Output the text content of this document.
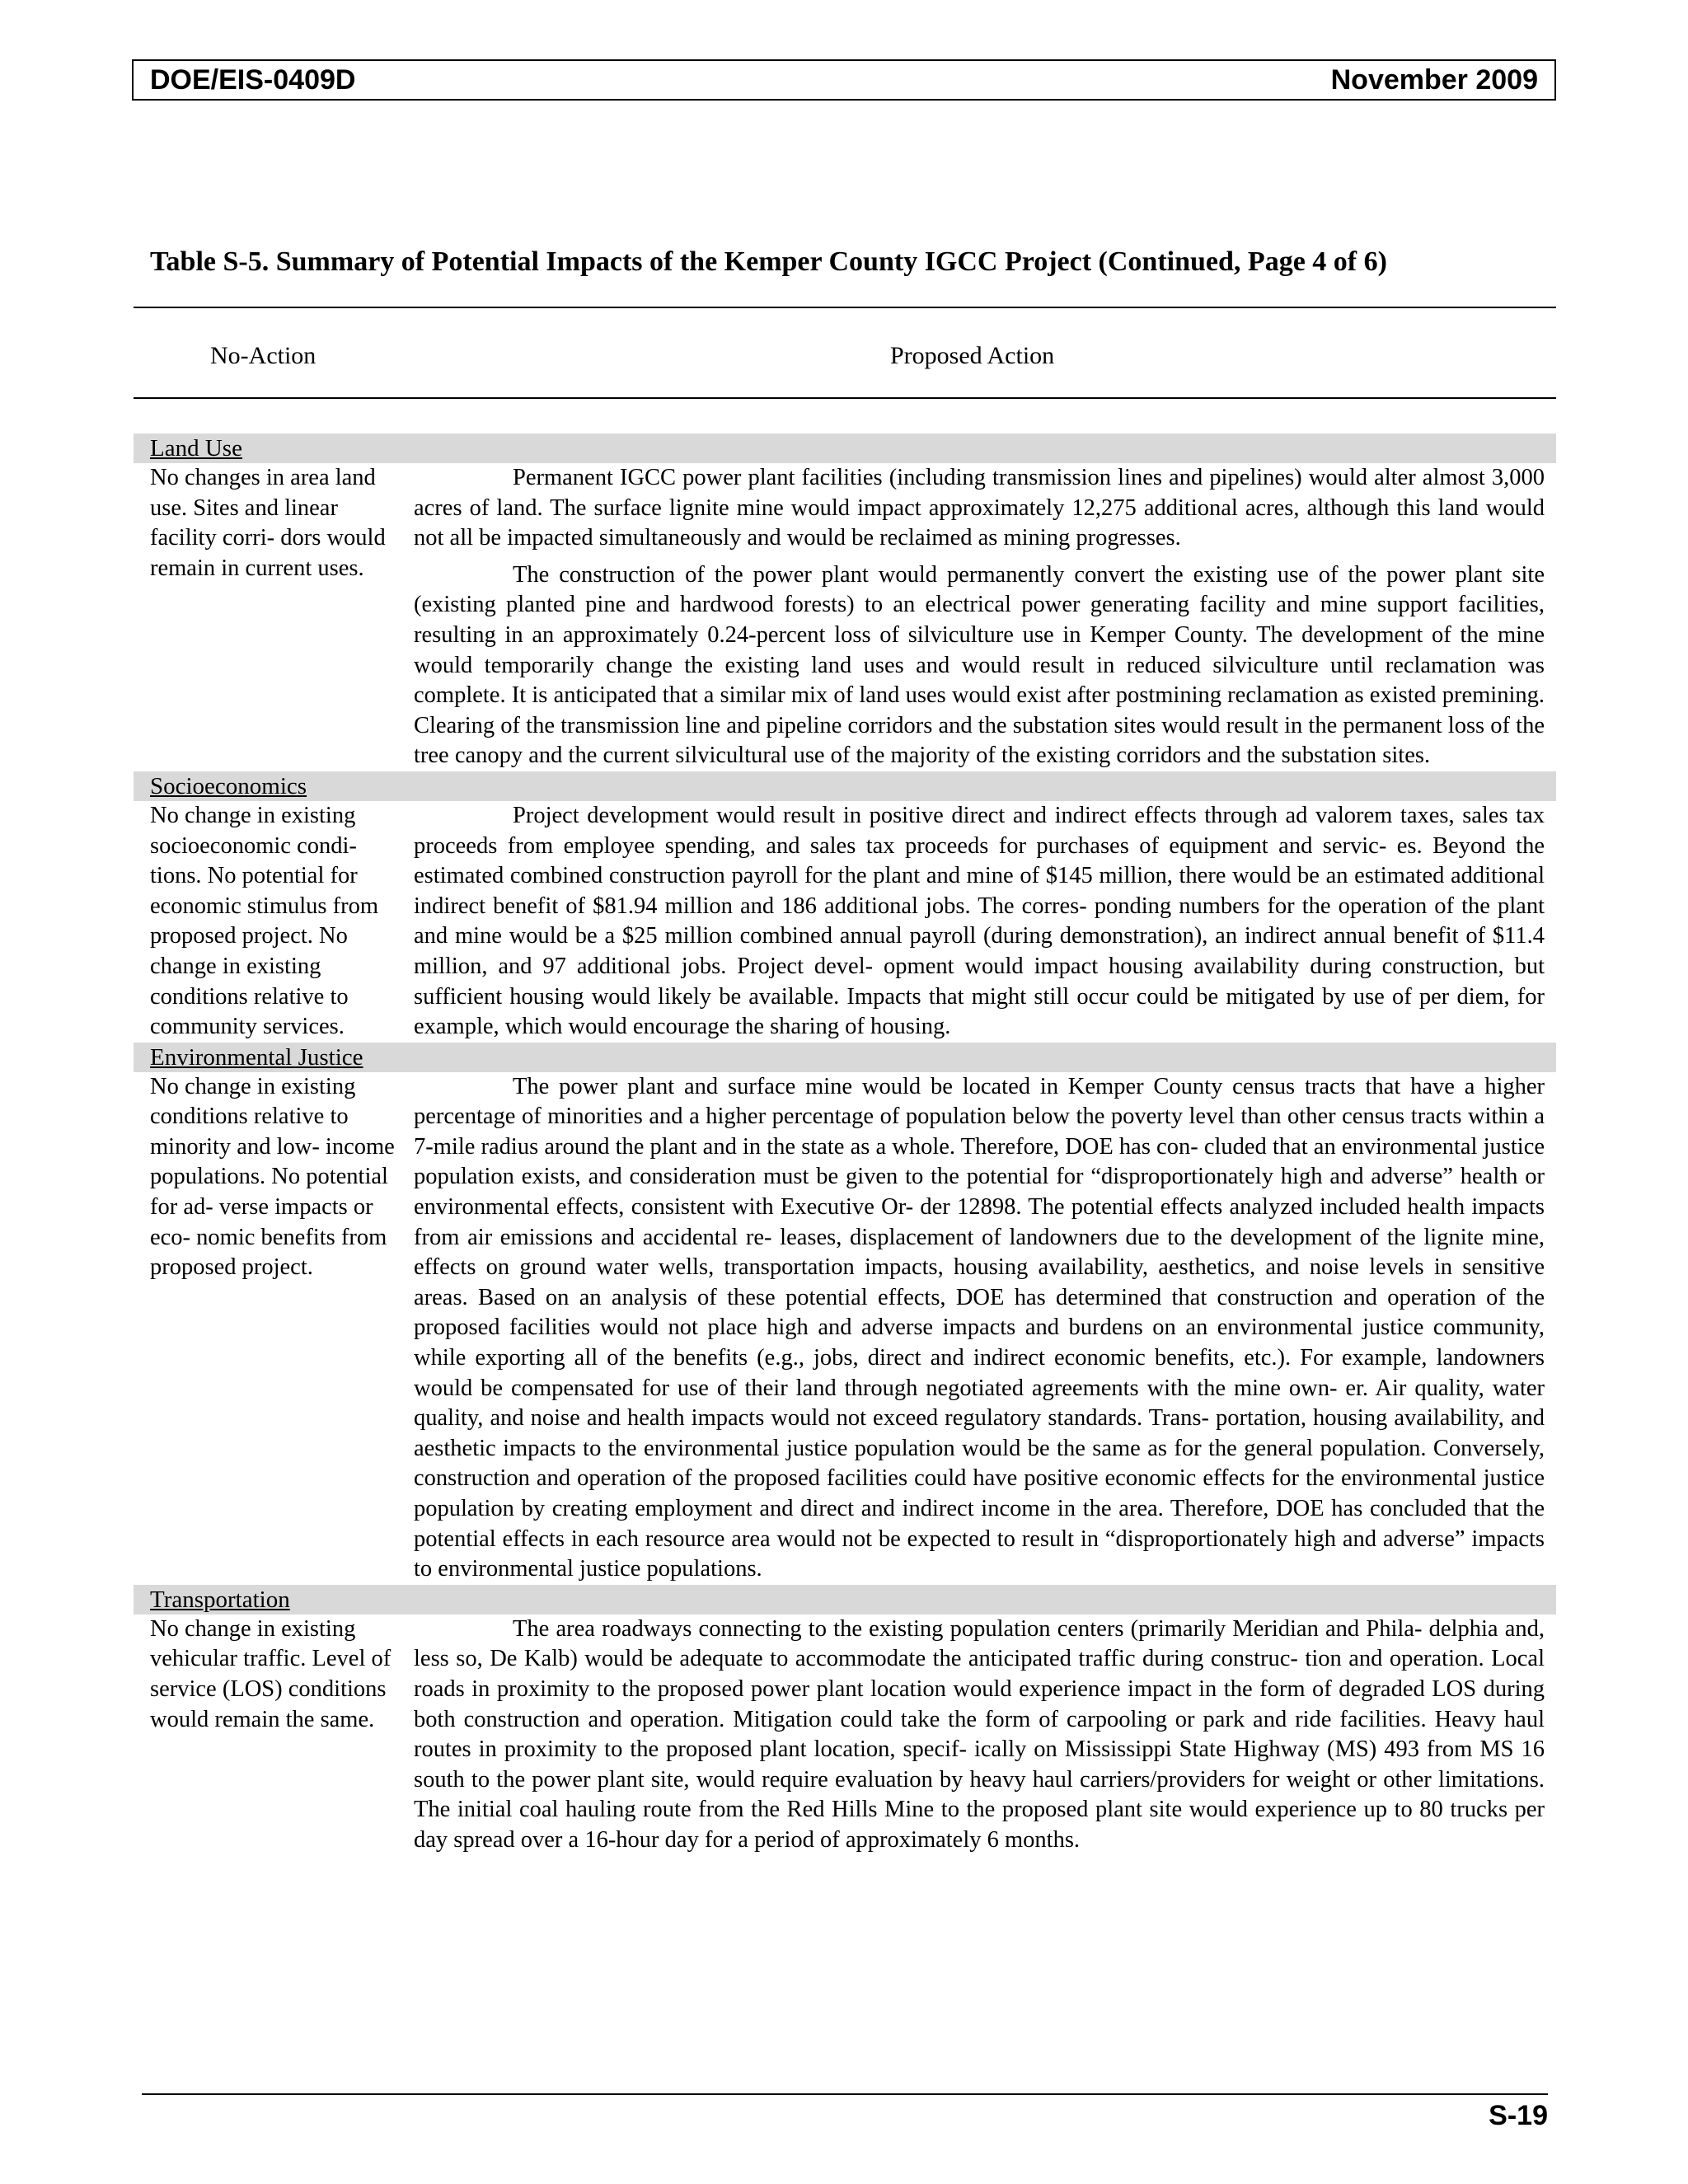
DOE/EIS-0409D	November 2009
Table S-5. Summary of Potential Impacts of the Kemper County IGCC Project (Continued, Page 4 of 6)
No-Action	Proposed Action
Land Use
No changes in area land use. Sites and linear facility corri- dors would remain in current uses.

Permanent IGCC power plant facilities (including transmission lines and pipelines) would alter almost 3,000 acres of land. The surface lignite mine would impact approximately 12,275 additional acres, although this land would not all be impacted simultaneously and would be reclaimed as mining progresses.

The construction of the power plant would permanently convert the existing use of the power plant site (existing planted pine and hardwood forests) to an electrical power generating facility and mine support facilities, resulting in an approximately 0.24-percent loss of silviculture use in Kemper County. The development of the mine would temporarily change the existing land uses and would result in reduced silviculture until reclamation was complete. It is anticipated that a similar mix of land uses would exist after postmining reclamation as existed premining. Clearing of the transmission line and pipeline corridors and the substation sites would result in the permanent loss of the tree canopy and the current silvicultural use of the majority of the existing corridors and the substation sites.

Socioeconomics
No change in existing socioeconomic condi- tions. No potential for economic stimulus from proposed project. No change in existing conditions relative to community services.

Project development would result in positive direct and indirect effects through ad valorem taxes, sales tax proceeds from employee spending, and sales tax proceeds for purchases of equipment and servic- es. Beyond the estimated combined construction payroll for the plant and mine of $145 million, there would be an estimated additional indirect benefit of $81.94 million and 186 additional jobs. The corres- ponding numbers for the operation of the plant and mine would be a $25 million combined annual payroll (during demonstration), an indirect annual benefit of $11.4 million, and 97 additional jobs. Project devel- opment would impact housing availability during construction, but sufficient housing would likely be available. Impacts that might still occur could be mitigated by use of per diem, for example, which would encourage the sharing of housing.

Environmental Justice
No change in existing conditions relative to minority and low- income populations. No potential for ad- verse impacts or eco- nomic benefits from proposed project.

The power plant and surface mine would be located in Kemper County census tracts that have a higher percentage of minorities and a higher percentage of population below the poverty level than other census tracts within a 7-mile radius around the plant and in the state as a whole. Therefore, DOE has con- cluded that an environmental justice population exists, and consideration must be given to the potential for “disproportionately high and adverse” health or environmental effects, consistent with Executive Or- der 12898. The potential effects analyzed included health impacts from air emissions and accidental re- leases, displacement of landowners due to the development of the lignite mine, effects on ground water wells, transportation impacts, housing availability, aesthetics, and noise levels in sensitive areas. Based on an analysis of these potential effects, DOE has determined that construction and operation of the proposed facilities would not place high and adverse impacts and burdens on an environmental justice community, while exporting all of the benefits (e.g., jobs, direct and indirect economic benefits, etc.). For example, landowners would be compensated for use of their land through negotiated agreements with the mine own- er. Air quality, water quality, and noise and health impacts would not exceed regulatory standards. Trans- portation, housing availability, and aesthetic impacts to the environmental justice population would be the same as for the general population. Conversely, construction and operation of the proposed facilities could have positive economic effects for the environmental justice population by creating employment and direct and indirect income in the area. Therefore, DOE has concluded that the potential effects in each resource area would not be expected to result in “disproportionately high and adverse” impacts to environmental justice populations.

Transportation
No change in existing vehicular traffic. Level of service (LOS) conditions would remain the same.

The area roadways connecting to the existing population centers (primarily Meridian and Phila- delphia and, less so, De Kalb) would be adequate to accommodate the anticipated traffic during construc- tion and operation. Local roads in proximity to the proposed power plant location would experience impact in the form of degraded LOS during both construction and operation. Mitigation could take the form of carpooling or park and ride facilities. Heavy haul routes in proximity to the proposed plant location, specif- ically on Mississippi State Highway (MS) 493 from MS 16 south to the power plant site, would require evaluation by heavy haul carriers/providers for weight or other limitations. The initial coal hauling route from the Red Hills Mine to the proposed plant site would experience up to 80 trucks per day spread over a 16-hour day for a period of approximately 6 months.

S-19
